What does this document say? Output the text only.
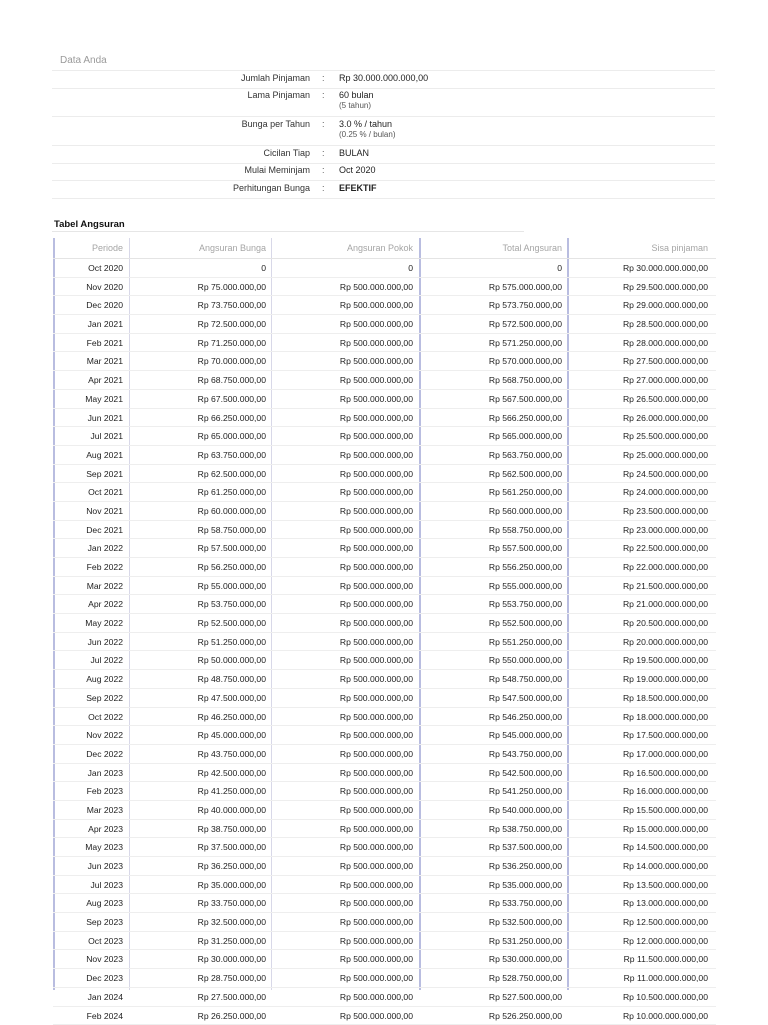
Data Anda
Jumlah Pinjaman : Rp 30.000.000.000,00
Lama Pinjaman : 60 bulan
(5 tahun)
Bunga per Tahun : 3.0 % / tahun
(0.25 % / bulan)
Cicilan Tiap : BULAN
Mulai Meminjam : Oct 2020
Perhitungan Bunga : EFEKTIF
Tabel Angsuran
Periode	Angsuran Bunga	Angsuran Pokok	Total Angsuran	Sisa pinjaman
Oct 2020	0	0	0	Rp 30.000.000.000,00
Nov 2020	Rp 75.000.000,00	Rp 500.000.000,00	Rp 575.000.000,00	Rp 29.500.000.000,00
Dec 2020	Rp 73.750.000,00	Rp 500.000.000,00	Rp 573.750.000,00	Rp 29.000.000.000,00
Jan 2021	Rp 72.500.000,00	Rp 500.000.000,00	Rp 572.500.000,00	Rp 28.500.000.000,00
Feb 2021	Rp 71.250.000,00	Rp 500.000.000,00	Rp 571.250.000,00	Rp 28.000.000.000,00
Mar 2021	Rp 70.000.000,00	Rp 500.000.000,00	Rp 570.000.000,00	Rp 27.500.000.000,00
Apr 2021	Rp 68.750.000,00	Rp 500.000.000,00	Rp 568.750.000,00	Rp 27.000.000.000,00
May 2021	Rp 67.500.000,00	Rp 500.000.000,00	Rp 567.500.000,00	Rp 26.500.000.000,00
Jun 2021	Rp 66.250.000,00	Rp 500.000.000,00	Rp 566.250.000,00	Rp 26.000.000.000,00
Jul 2021	Rp 65.000.000,00	Rp 500.000.000,00	Rp 565.000.000,00	Rp 25.500.000.000,00
Aug 2021	Rp 63.750.000,00	Rp 500.000.000,00	Rp 563.750.000,00	Rp 25.000.000.000,00
Sep 2021	Rp 62.500.000,00	Rp 500.000.000,00	Rp 562.500.000,00	Rp 24.500.000.000,00
Oct 2021	Rp 61.250.000,00	Rp 500.000.000,00	Rp 561.250.000,00	Rp 24.000.000.000,00
Nov 2021	Rp 60.000.000,00	Rp 500.000.000,00	Rp 560.000.000,00	Rp 23.500.000.000,00
Dec 2021	Rp 58.750.000,00	Rp 500.000.000,00	Rp 558.750.000,00	Rp 23.000.000.000,00
Jan 2022	Rp 57.500.000,00	Rp 500.000.000,00	Rp 557.500.000,00	Rp 22.500.000.000,00
Feb 2022	Rp 56.250.000,00	Rp 500.000.000,00	Rp 556.250.000,00	Rp 22.000.000.000,00
Mar 2022	Rp 55.000.000,00	Rp 500.000.000,00	Rp 555.000.000,00	Rp 21.500.000.000,00
Apr 2022	Rp 53.750.000,00	Rp 500.000.000,00	Rp 553.750.000,00	Rp 21.000.000.000,00
May 2022	Rp 52.500.000,00	Rp 500.000.000,00	Rp 552.500.000,00	Rp 20.500.000.000,00
Jun 2022	Rp 51.250.000,00	Rp 500.000.000,00	Rp 551.250.000,00	Rp 20.000.000.000,00
Jul 2022	Rp 50.000.000,00	Rp 500.000.000,00	Rp 550.000.000,00	Rp 19.500.000.000,00
Aug 2022	Rp 48.750.000,00	Rp 500.000.000,00	Rp 548.750.000,00	Rp 19.000.000.000,00
Sep 2022	Rp 47.500.000,00	Rp 500.000.000,00	Rp 547.500.000,00	Rp 18.500.000.000,00
Oct 2022	Rp 46.250.000,00	Rp 500.000.000,00	Rp 546.250.000,00	Rp 18.000.000.000,00
Nov 2022	Rp 45.000.000,00	Rp 500.000.000,00	Rp 545.000.000,00	Rp 17.500.000.000,00
Dec 2022	Rp 43.750.000,00	Rp 500.000.000,00	Rp 543.750.000,00	Rp 17.000.000.000,00
Jan 2023	Rp 42.500.000,00	Rp 500.000.000,00	Rp 542.500.000,00	Rp 16.500.000.000,00
Feb 2023	Rp 41.250.000,00	Rp 500.000.000,00	Rp 541.250.000,00	Rp 16.000.000.000,00
Mar 2023	Rp 40.000.000,00	Rp 500.000.000,00	Rp 540.000.000,00	Rp 15.500.000.000,00
Apr 2023	Rp 38.750.000,00	Rp 500.000.000,00	Rp 538.750.000,00	Rp 15.000.000.000,00
May 2023	Rp 37.500.000,00	Rp 500.000.000,00	Rp 537.500.000,00	Rp 14.500.000.000,00
Jun 2023	Rp 36.250.000,00	Rp 500.000.000,00	Rp 536.250.000,00	Rp 14.000.000.000,00
Jul 2023	Rp 35.000.000,00	Rp 500.000.000,00	Rp 535.000.000,00	Rp 13.500.000.000,00
Aug 2023	Rp 33.750.000,00	Rp 500.000.000,00	Rp 533.750.000,00	Rp 13.000.000.000,00
Sep 2023	Rp 32.500.000,00	Rp 500.000.000,00	Rp 532.500.000,00	Rp 12.500.000.000,00
Oct 2023	Rp 31.250.000,00	Rp 500.000.000,00	Rp 531.250.000,00	Rp 12.000.000.000,00
Nov 2023	Rp 30.000.000,00	Rp 500.000.000,00	Rp 530.000.000,00	Rp 11.500.000.000,00
Dec 2023	Rp 28.750.000,00	Rp 500.000.000,00	Rp 528.750.000,00	Rp 11.000.000.000,00
Jan 2024	Rp 27.500.000,00	Rp 500.000.000,00	Rp 527.500.000,00	Rp 10.500.000.000,00
Feb 2024	Rp 26.250.000,00	Rp 500.000.000,00	Rp 526.250.000,00	Rp 10.000.000.000,00
